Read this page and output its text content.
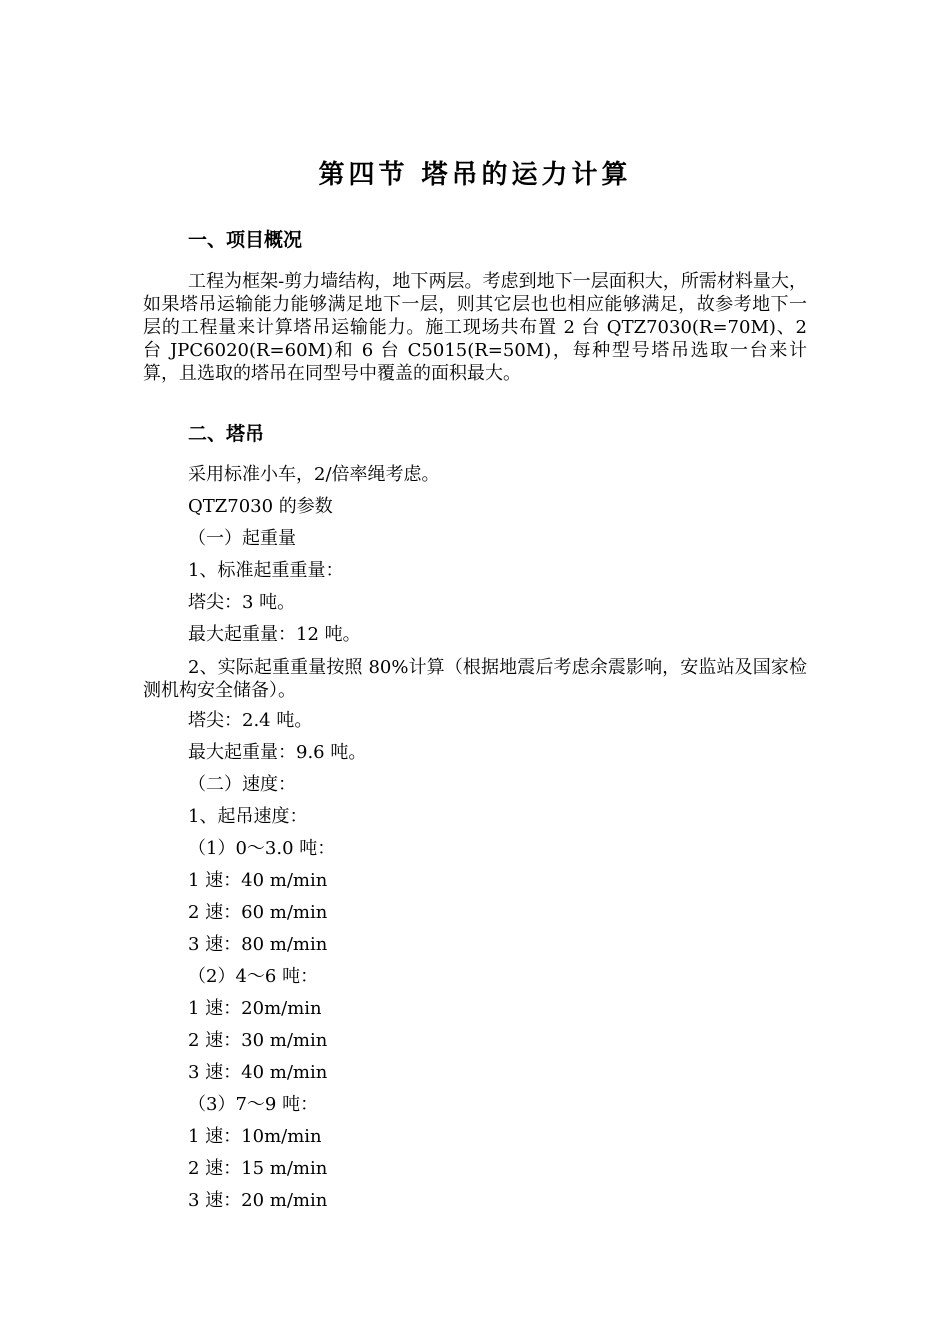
第四节 塔吊的运力计算
一、项目概况
工程为框架-剪力墙结构，地下两层。考虑到地下一层面积大，所需材料量大，如果塔吊运输能力能够满足地下一层，则其它层也也相应能够满足，故参考地下一层的工程量来计算塔吊运输能力。施工现场共布置 2 台 QTZ7030(R=70M)、2 台 JPC6020(R=60M)和 6 台 C5015(R=50M)，每种型号塔吊选取一台来计算，且选取的塔吊在同型号中覆盖的面积最大。
二、塔吊
采用标准小车，2/倍率绳考虑。
QTZ7030 的参数
（一）起重量
1、标准起重重量：
塔尖：3 吨。
最大起重量：12 吨。
2、实际起重重量按照 80%计算（根据地震后考虑余震影响，安监站及国家检测机构安全储备）。
塔尖：2.4 吨。
最大起重量：9.6 吨。
（二）速度：
1、起吊速度：
（1）0～3.0 吨：
1 速：40 m/min
2 速：60 m/min
3 速：80 m/min
（2）4～6 吨：
1 速：20m/min
2 速：30 m/min
3 速：40 m/min
（3）7～9 吨：
1 速：10m/min
2 速：15 m/min
3 速：20 m/min
